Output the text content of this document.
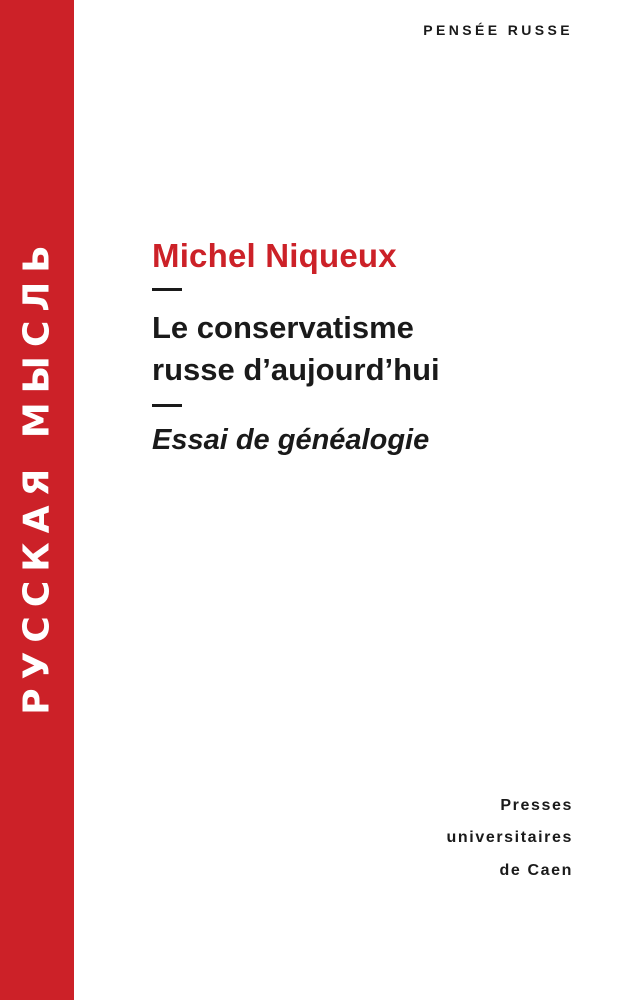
РУССКАЯ МЫСЛЬ
PENSÉE RUSSE
Michel Niqueux
Le conservatisme
russe d’aujourd’hui
Essai de généalogie
Presses
universitaires
de Caen
